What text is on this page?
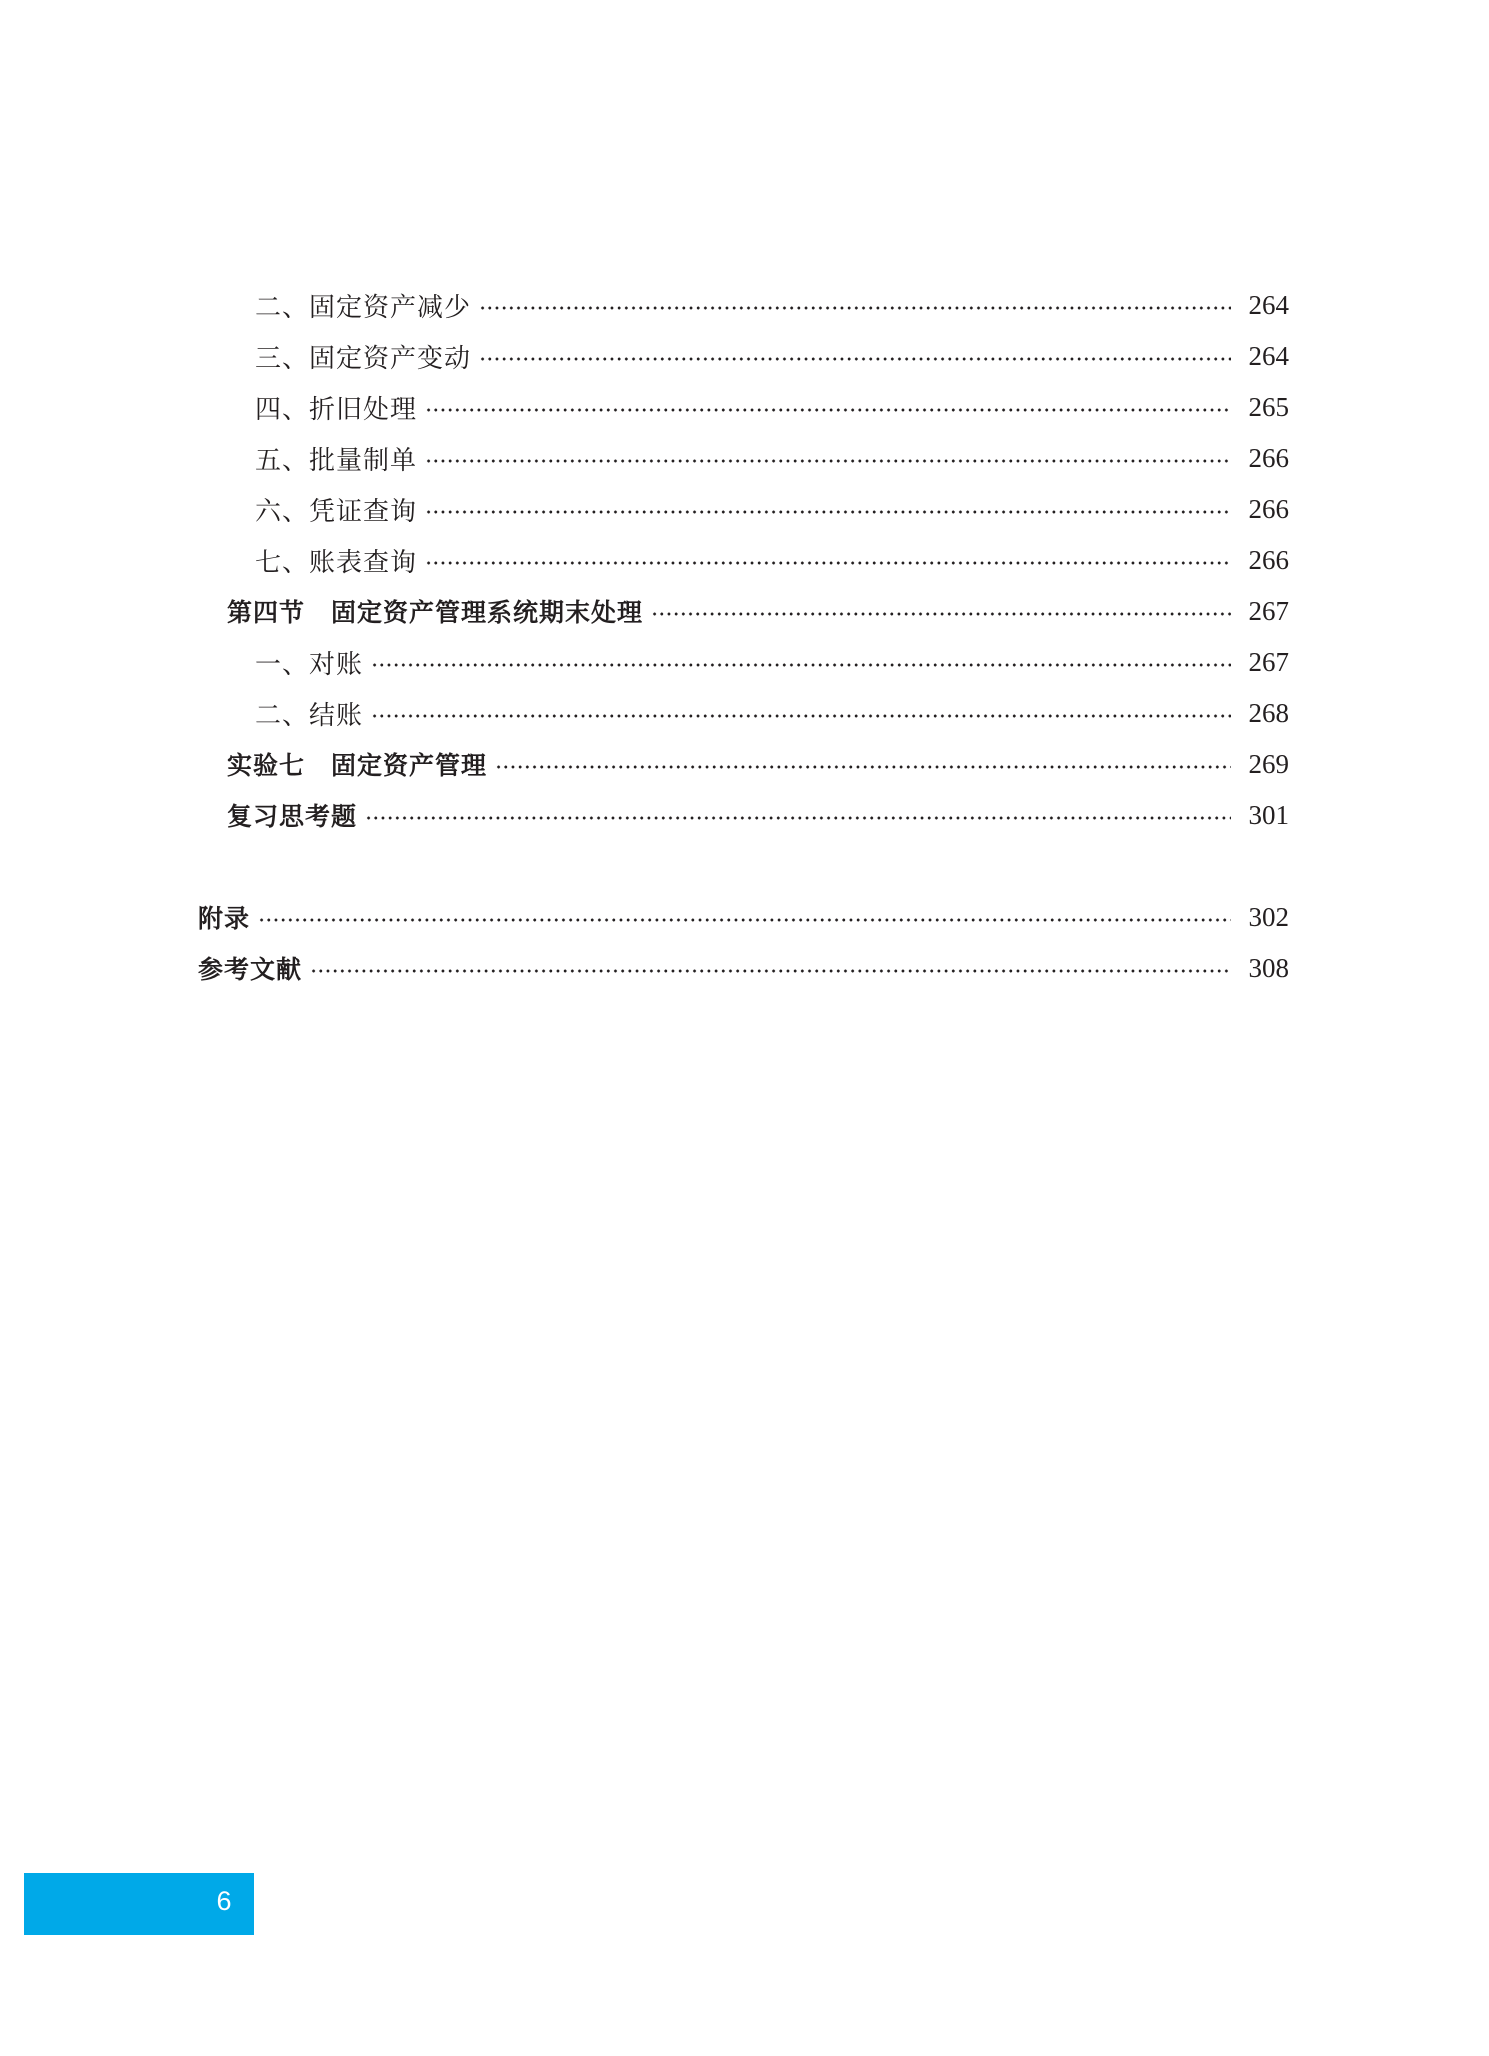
二、固定资产减少	264
三、固定资产变动	264
四、折旧处理	265
五、批量制单	266
六、凭证查询	266
七、账表查询	266
第四节　固定资产管理系统期末处理	267
一、对账	267
二、结账	268
实验七　固定资产管理	269
复习思考题	301
附录	302
参考文献	308
6
